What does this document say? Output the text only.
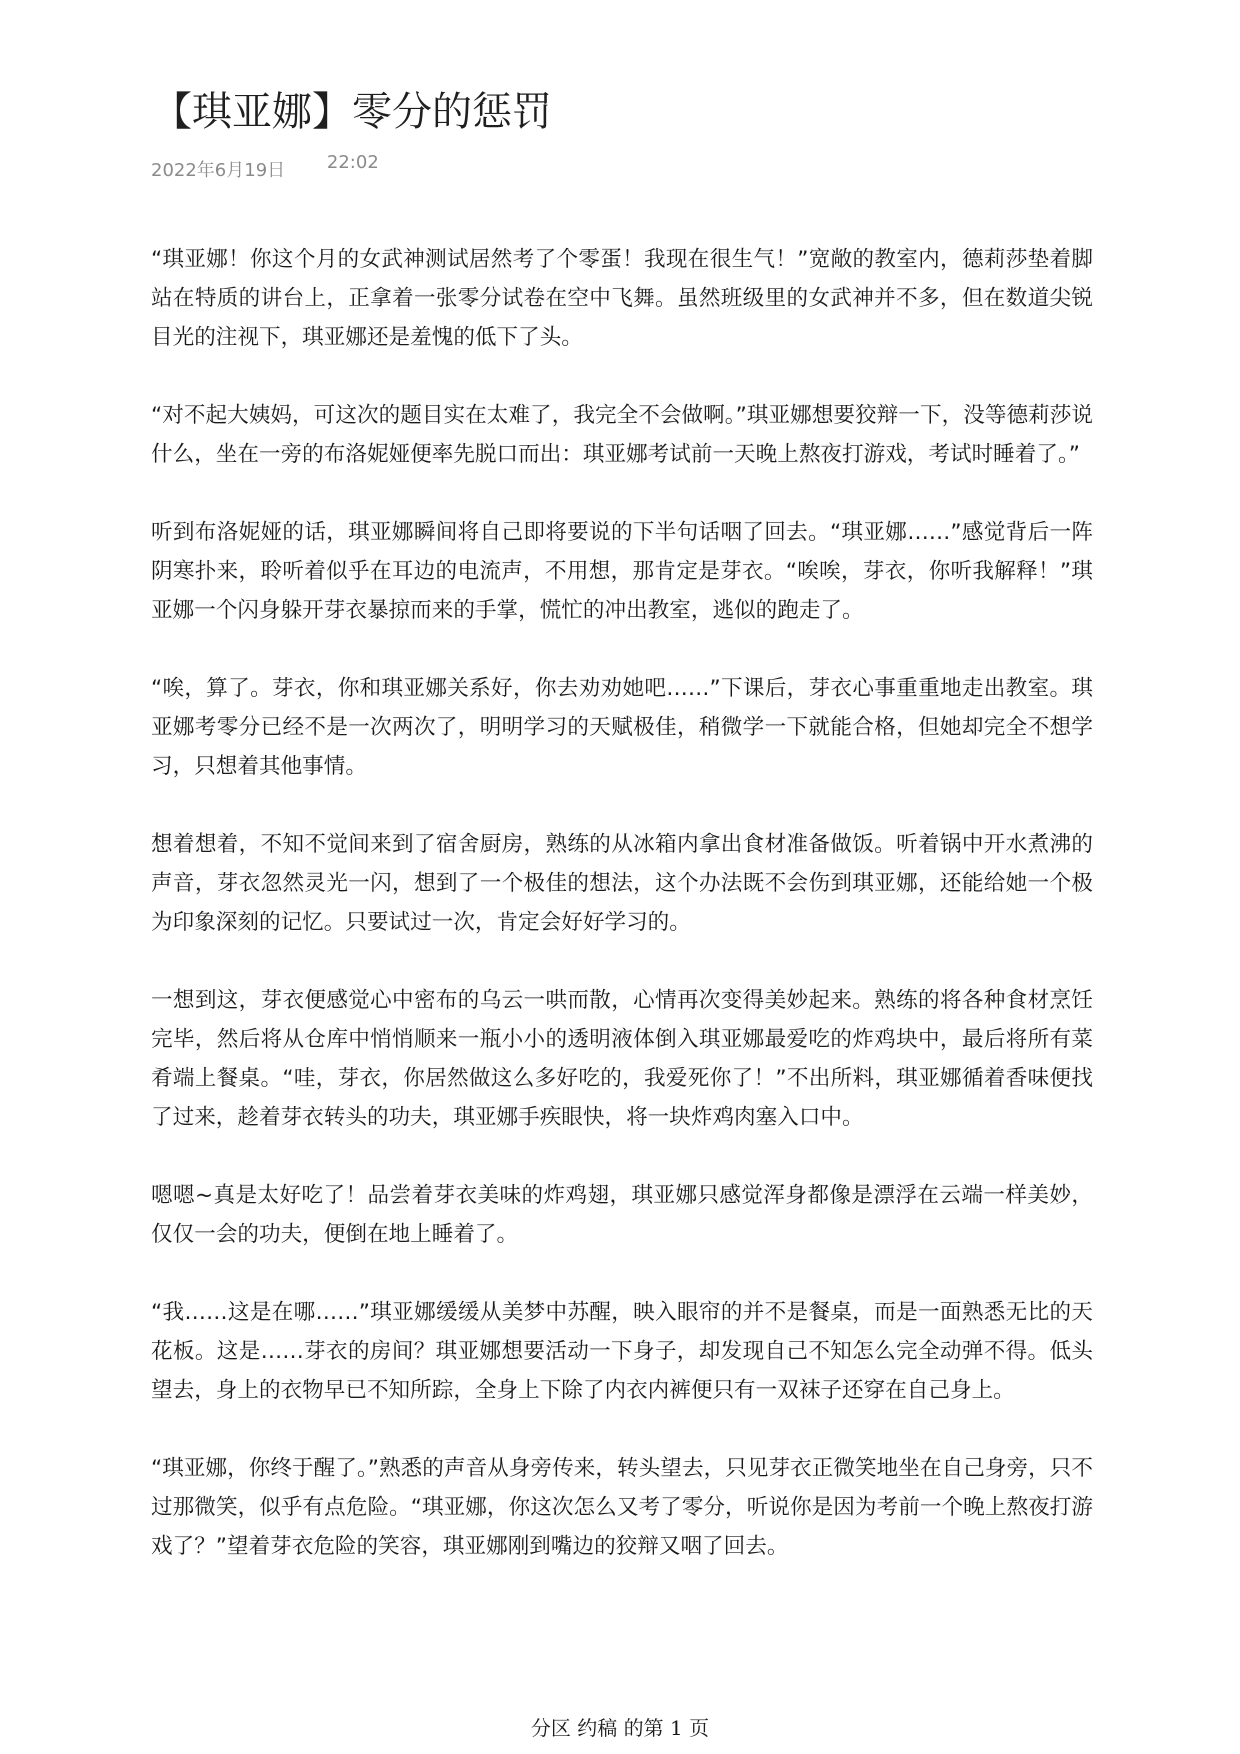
【琪亚娜】零分的惩罚
2022年6月19日 22:02

“琪亚娜！你这个月的女武神测试居然考了个零蛋！我现在很生气！”宽敞的教室内，德莉莎垫着脚站在特质的讲台上，正拿着一张零分试卷在空中飞舞。虽然班级里的女武神并不多，但在数道尖锐目光的注视下，琪亚娜还是羞愧的低下了头。

“对不起大姨妈，可这次的题目实在太难了，我完全不会做啊。”琪亚娜想要狡辩一下，没等德莉莎说什么，坐在一旁的布洛妮娅便率先脱口而出：琪亚娜考试前一天晚上熬夜打游戏，考试时睡着了。”

听到布洛妮娅的话，琪亚娜瞬间将自己即将要说的下半句话咽了回去。“琪亚娜……”感觉背后一阵阴寒扑来，聆听着似乎在耳边的电流声，不用想，那肯定是芽衣。“唉唉，芽衣，你听我解释！”琪亚娜一个闪身躲开芽衣暴掠而来的手掌，慌忙的冲出教室，逃似的跑走了。

“唉，算了。芽衣，你和琪亚娜关系好，你去劝劝她吧……”下课后，芽衣心事重重地走出教室。琪亚娜考零分已经不是一次两次了，明明学习的天赋极佳，稍微学一下就能合格，但她却完全不想学习，只想着其他事情。

想着想着，不知不觉间来到了宿舍厨房，熟练的从冰箱内拿出食材准备做饭。听着锅中开水煮沸的声音，芽衣忽然灵光一闪，想到了一个极佳的想法，这个办法既不会伤到琪亚娜，还能给她一个极为印象深刻的记忆。只要试过一次，肯定会好好学习的。

一想到这，芽衣便感觉心中密布的乌云一哄而散，心情再次变得美妙起来。熟练的将各种食材烹饪完毕，然后将从仓库中悄悄顺来一瓶小小的透明液体倒入琪亚娜最爱吃的炸鸡块中，最后将所有菜肴端上餐桌。“哇，芽衣，你居然做这么多好吃的，我爱死你了！”不出所料，琪亚娜循着香味便找了过来，趁着芽衣转头的功夫，琪亚娜手疾眼快，将一块炸鸡肉塞入口中。

嗯嗯~真是太好吃了！品尝着芽衣美味的炸鸡翅，琪亚娜只感觉浑身都像是漂浮在云端一样美妙，仅仅一会的功夫，便倒在地上睡着了。

“我……这是在哪……”琪亚娜缓缓从美梦中苏醒，映入眼帘的并不是餐桌，而是一面熟悉无比的天花板。这是……芽衣的房间？琪亚娜想要活动一下身子，却发现自己不知怎么完全动弹不得。低头望去，身上的衣物早已不知所踪，全身上下除了内衣内裤便只有一双袜子还穿在自己身上。

“琪亚娜，你终于醒了。”熟悉的声音从身旁传来，转头望去，只见芽衣正微笑地坐在自己身旁，只不过那微笑，似乎有点危险。“琪亚娜，你这次怎么又考了零分，听说你是因为考前一个晚上熬夜打游戏了？”望着芽衣危险的笑容，琪亚娜刚到嘴边的狡辩又咽了回去。

分区 约稿 的第 1 页
